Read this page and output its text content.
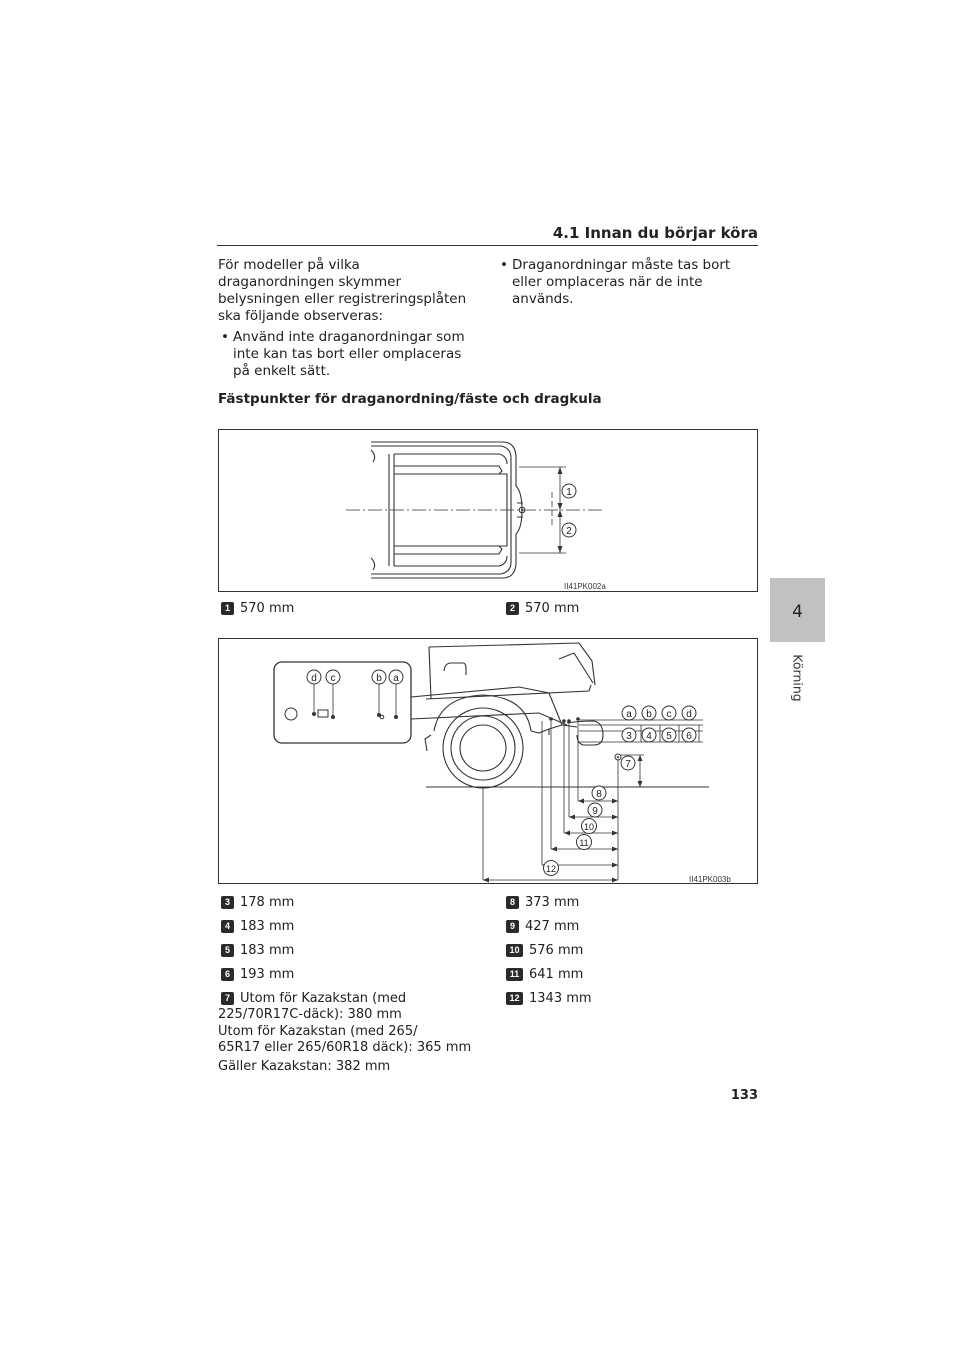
4.1 Innan du börjar köra
4
Körning

För modeller på vilka draganordningen skymmer belysningen eller registreringsplåten ska följande observeras:

• Använd inte draganordningar som inte kan tas bort eller omplaceras på enkelt sätt.

• Draganordningar måste tas bort eller omplaceras när de inte används.

Fästpunkter för draganordning/fäste och dragkula
1
2
II41PK002a
1 570 mm	2 570 mm
d c	b a
a b c d
3 4 5 6
7
8
9
10
11
12
II41PK003b
3 178 mm
4 183 mm
5 183 mm
6 193 mm
7 Utom för Kazakstan (med
225/70R17C-däck): 380 mm
Utom för Kazakstan (med 265/
65R17 eller 265/60R18 däck): 365 mm
Gäller Kazakstan: 382 mm
8 373 mm
9 427 mm
10 576 mm
11 641 mm
12 1343 mm
133
